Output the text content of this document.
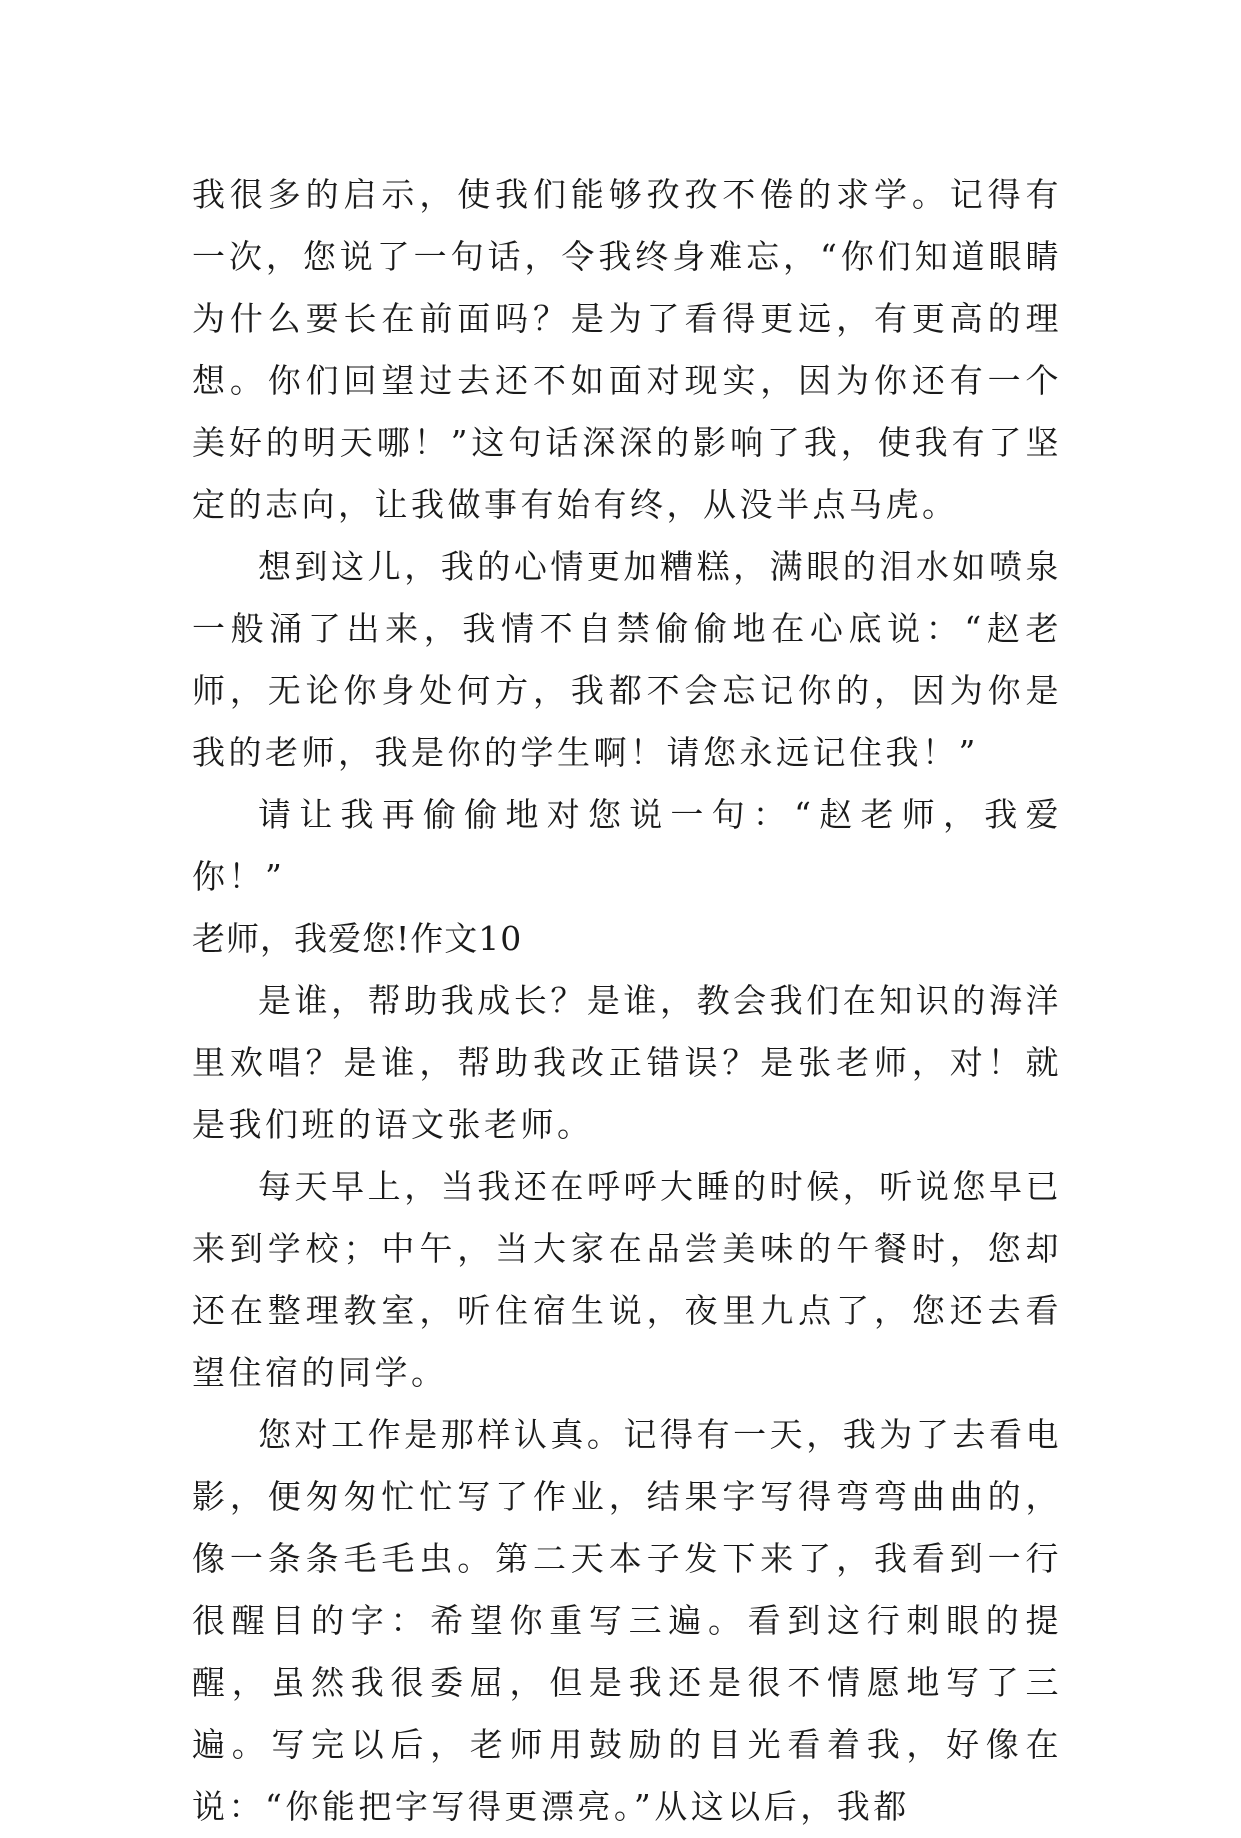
我很多的启示，使我们能够孜孜不倦的求学。记得有一次，您说了一句话，令我终身难忘，“你们知道眼睛为什么要长在前面吗？是为了看得更远，有更高的理想。你们回望过去还不如面对现实，因为你还有一个美好的明天哪！”这句话深深的影响了我，使我有了坚定的志向，让我做事有始有终，从没半点马虎。

想到这儿，我的心情更加糟糕，满眼的泪水如喷泉一般涌了出来，我情不自禁偷偷地在心底说：“赵老师，无论你身处何方，我都不会忘记你的，因为你是我的老师，我是你的学生啊！请您永远记住我！”

请让我再偷偷地对您说一句：“赵老师，我爱你！”

老师，我爱您!作文10

是谁，帮助我成长？是谁，教会我们在知识的海洋里欢唱？是谁，帮助我改正错误？是张老师，对！就是我们班的语文张老师。

每天早上，当我还在呼呼大睡的时候，听说您早已来到学校；中午，当大家在品尝美味的午餐时，您却还在整理教室，听住宿生说，夜里九点了，您还去看望住宿的同学。

您对工作是那样认真。记得有一天，我为了去看电影，便匆匆忙忙写了作业，结果字写得弯弯曲曲的，像一条条毛毛虫。第二天本子发下来了，我看到一行很醒目的字：希望你重写三遍。看到这行刺眼的提醒，虽然我很委屈，但是我还是很不情愿地写了三遍。写完以后，老师用鼓励的目光看着我，好像在说：“你能把字写得更漂亮。”从这以后，我都
